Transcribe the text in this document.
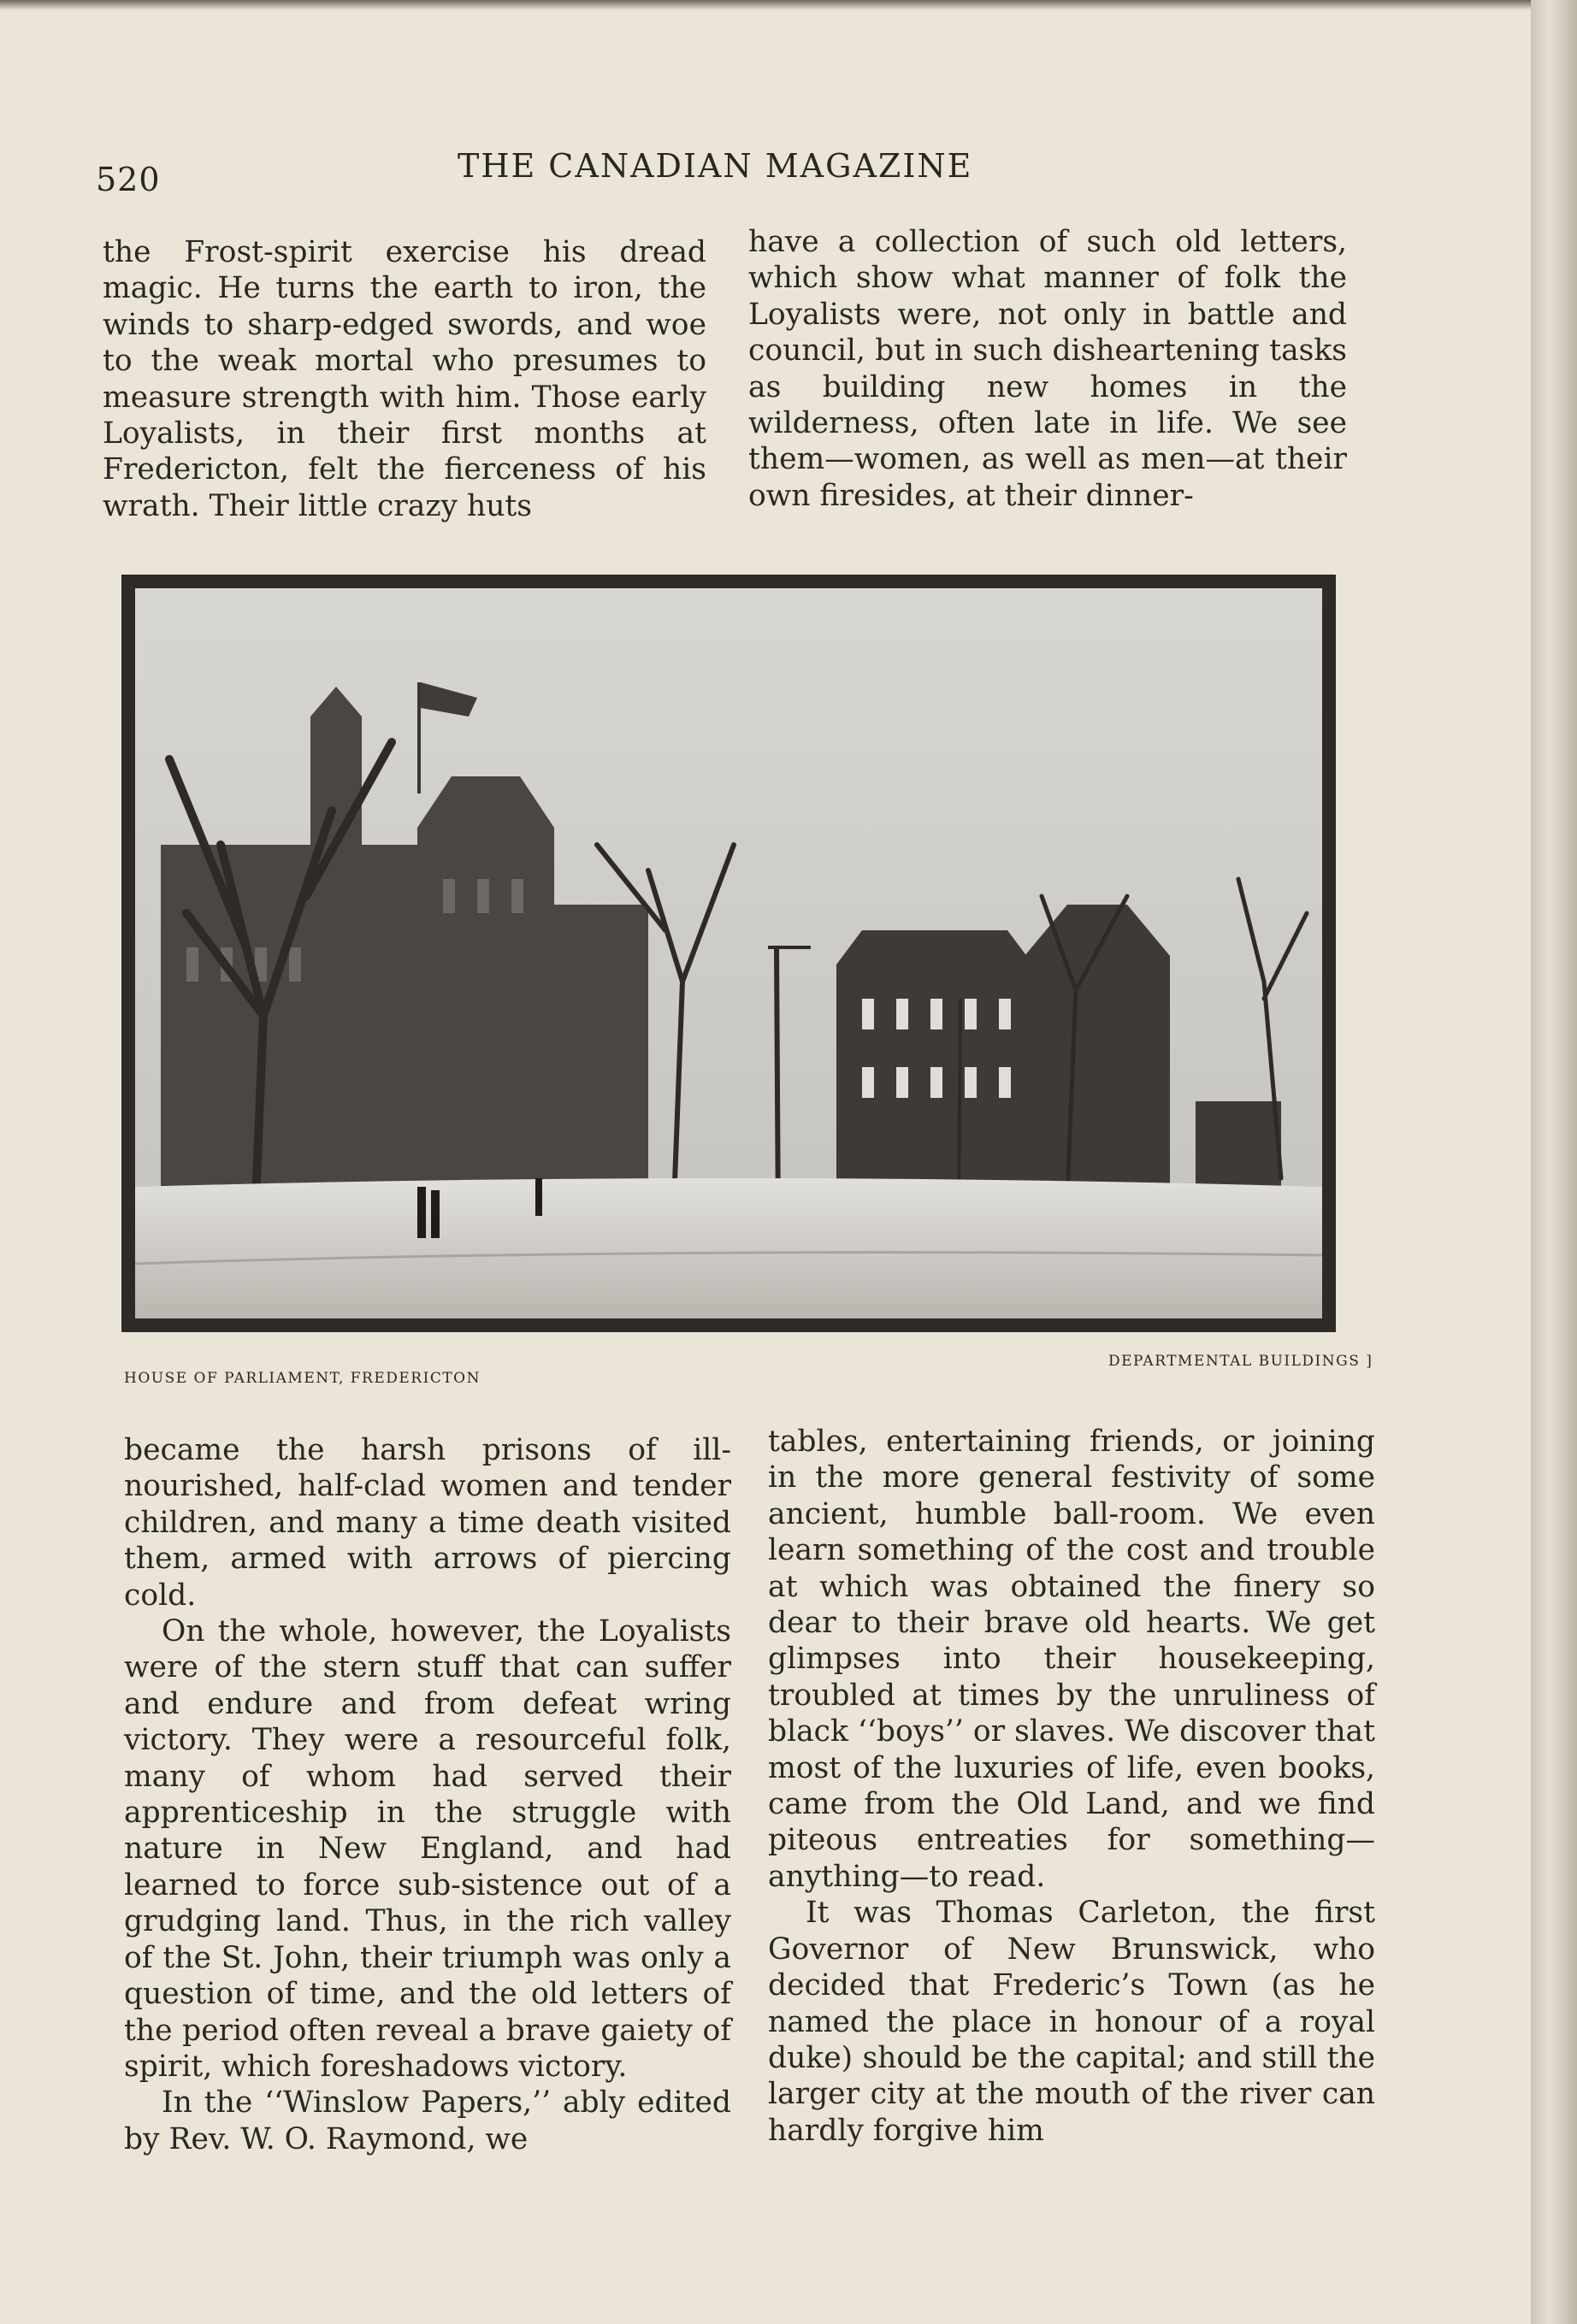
520	THE CANADIAN MAGAZINE

the Frost-spirit exercise his dread magic. He turns the earth to iron, the winds to sharp-edged swords, and woe to the weak mortal who presumes to measure strength with him. Those early Loyalists, in their first months at Fredericton, felt the fierceness of his wrath. Their little crazy huts

have a collection of such old letters, which show what manner of folk the Loyalists were, not only in battle and council, but in such disheartening tasks as building new homes in the wilderness, often late in life. We see them—women, as well as men—at their own firesides, at their dinner-

HOUSE OF PARLIAMENT, FREDERICTON
DEPARTMENTAL BUILDINGS ]

became the harsh prisons of ill-nourished, half-clad women and tender children, and many a time death visited them, armed with arrows of piercing cold.

On the whole, however, the Loyalists were of the stern stuff that can suffer and endure and from defeat wring victory. They were a resourceful folk, many of whom had served their apprenticeship in the struggle with nature in New England, and had learned to force sub-sistence out of a grudging land. Thus, in the rich valley of the St. John, their triumph was only a question of time, and the old letters of the period often reveal a brave gaiety of spirit, which foreshadows victory.

In the ‘‘Winslow Papers,’’ ably edited by Rev. W. O. Raymond, we

tables, entertaining friends, or joining in the more general festivity of some ancient, humble ball-room. We even learn something of the cost and trouble at which was obtained the finery so dear to their brave old hearts. We get glimpses into their housekeeping, troubled at times by the unruliness of black ‘‘boys’’ or slaves. We discover that most of the luxuries of life, even books, came from the Old Land, and we find piteous entreaties for something—anything—to read.

It was Thomas Carleton, the first Governor of New Brunswick, who decided that Frederic’s Town (as he named the place in honour of a royal duke) should be the capital; and still the larger city at the mouth of the river can hardly forgive him
